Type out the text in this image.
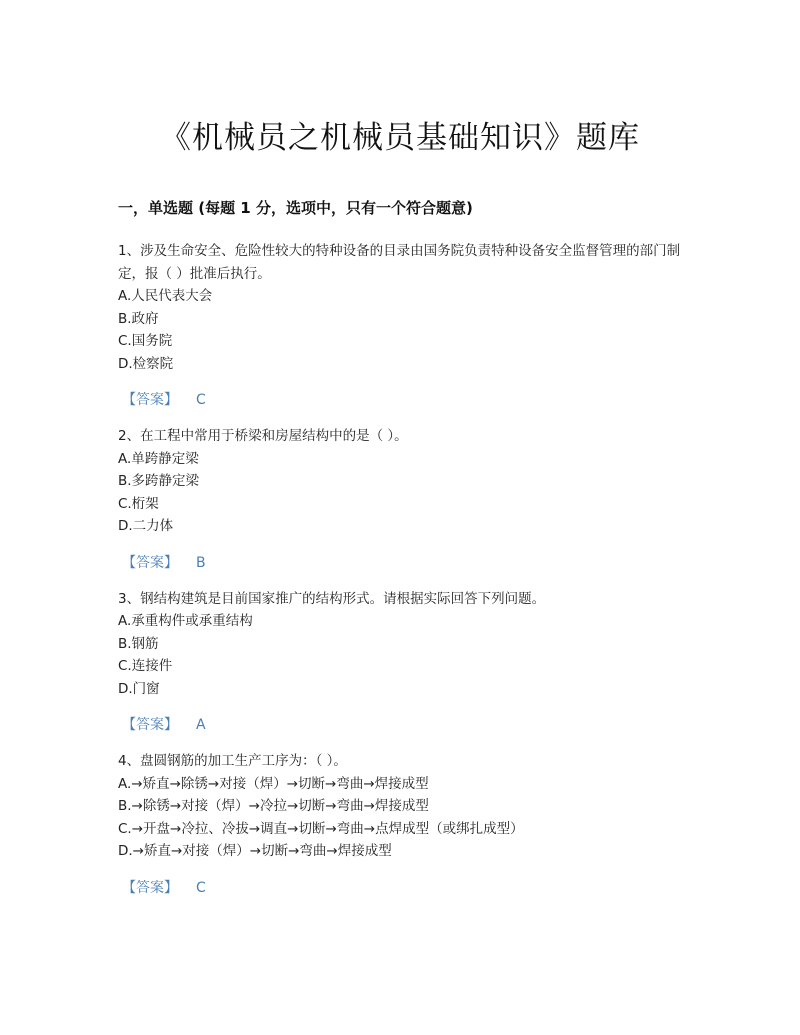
《机械员之机械员基础知识》题库
一，单选题 (每题 1 分，选项中，只有一个符合题意)

1、涉及生命安全、危险性较大的特种设备的目录由国务院负责特种设备安全监督管理的部门制定，报（ ）批准后执行。

A.人民代表大会

B.政府

C.国务院

D.检察院

【答案】 C

2、在工程中常用于桥梁和房屋结构中的是（ ）。

A.单跨静定梁

B.多跨静定梁

C.桁架

D.二力体

【答案】 B

3、钢结构建筑是目前国家推广的结构形式。请根据实际回答下列问题。

A.承重构件或承重结构

B.钢筋

C.连接件

D.门窗

【答案】 A

4、盘圆钢筋的加工生产工序为：（ ）。

A.→矫直→除锈→对接（焊）→切断→弯曲→焊接成型

B.→除锈→对接（焊）→冷拉→切断→弯曲→焊接成型

C.→开盘→冷拉、冷拔→调直→切断→弯曲→点焊成型（或绑扎成型）

D.→矫直→对接（焊）→切断→弯曲→焊接成型

【答案】 C
